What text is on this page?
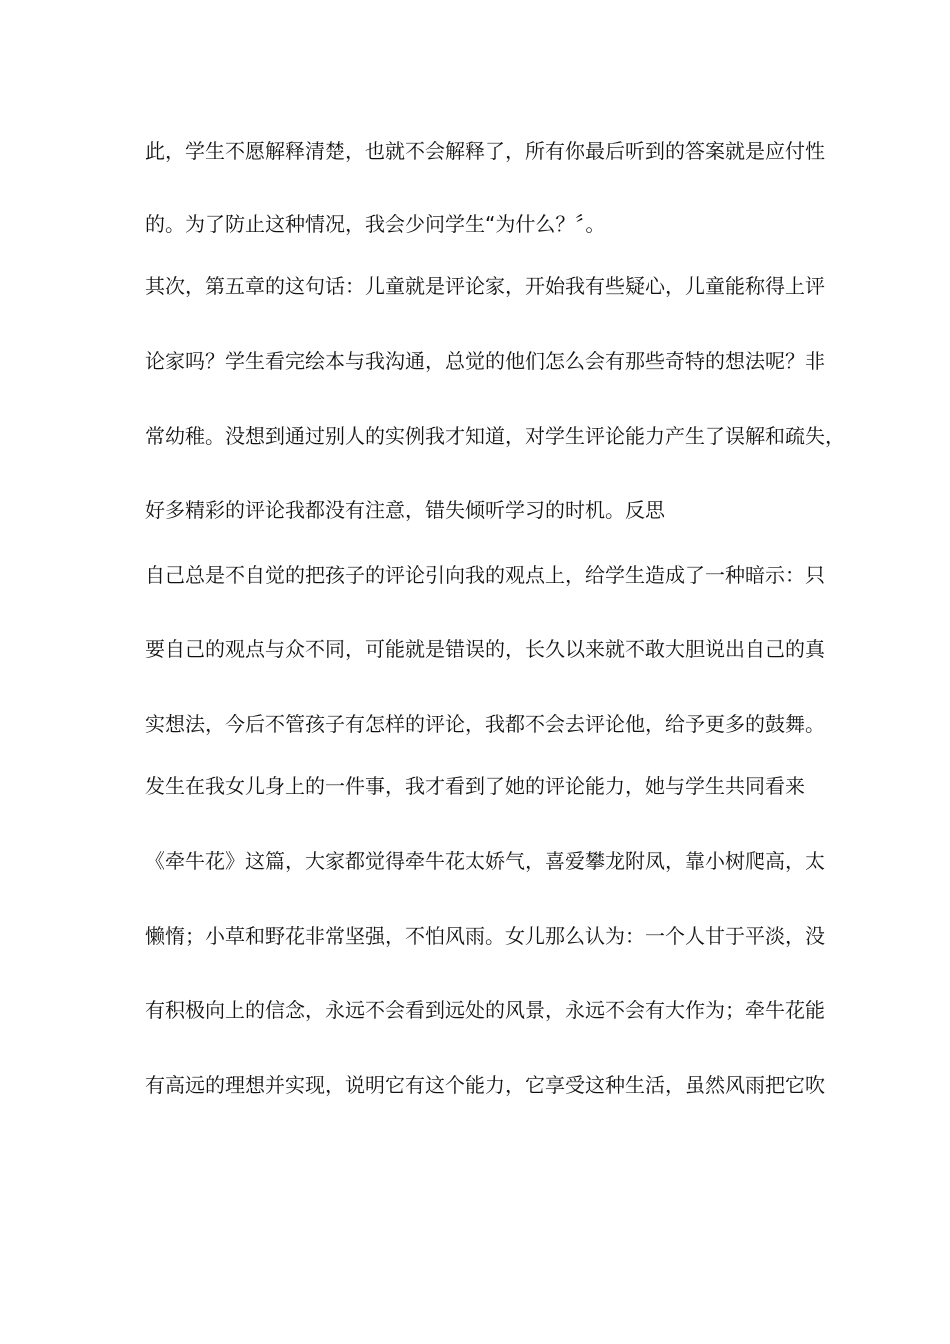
此，学生不愿解释清楚，也就不会解释了，所有你最后听到的答案就是应付性
的。为了防止这种情况，我会少问学生“为什么？〞。
其次，第五章的这句话：儿童就是评论家，开始我有些疑心，儿童能称得上评
论家吗？学生看完绘本与我沟通，总觉的他们怎么会有那些奇特的想法呢？非
常幼稚。没想到通过别人的实例我才知道，对学生评论能力产生了误解和疏失，
好多精彩的评论我都没有注意，错失倾听学习的时机。反思
自己总是不自觉的把孩子的评论引向我的观点上，给学生造成了一种暗示：只
要自己的观点与众不同，可能就是错误的，长久以来就不敢大胆说出自己的真
实想法，今后不管孩子有怎样的评论，我都不会去评论他，给予更多的鼓舞。
发生在我女儿身上的一件事，我才看到了她的评论能力，她与学生共同看来
《牵牛花》这篇，大家都觉得牵牛花太娇气，喜爱攀龙附凤，靠小树爬高，太
懒惰；小草和野花非常坚强，不怕风雨。女儿那么认为：一个人甘于平淡，没
有积极向上的信念，永远不会看到远处的风景，永远不会有大作为；牵牛花能
有高远的理想并实现，说明它有这个能力，它享受这种生活，虽然风雨把它吹
